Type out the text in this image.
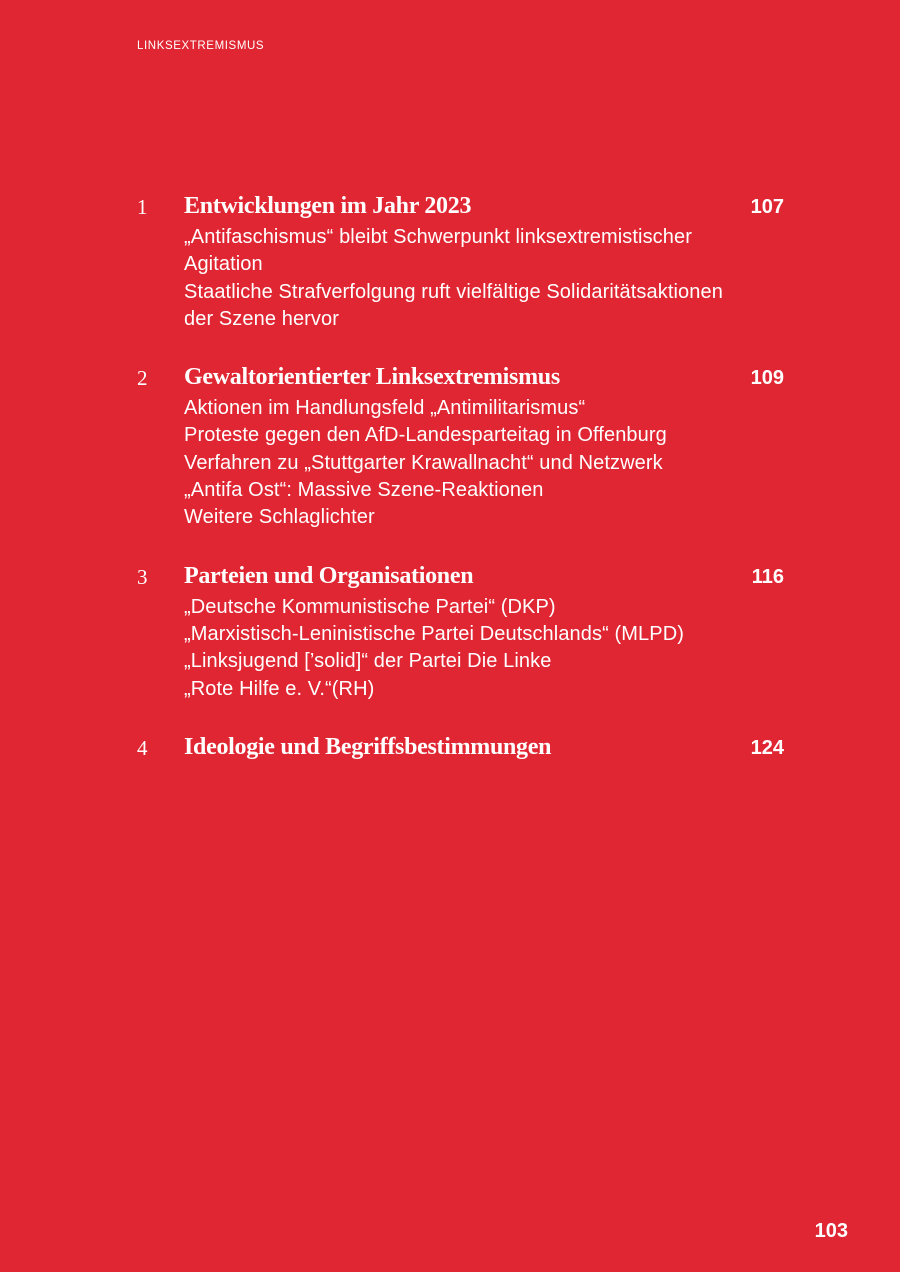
LINKSEXTREMISMUS
1 Entwicklungen im Jahr 2023	107
„Antifaschismus“ bleibt Schwerpunkt linksextremistischer
Agitation
Staatliche Strafverfolgung ruft vielfältige Solidaritätsaktionen
der Szene hervor
2 Gewaltorientierter Linksextremismus	109
Aktionen im Handlungsfeld „Antimilitarismus“
Proteste gegen den AfD-Landesparteitag in Offenburg
Verfahren zu „Stuttgarter Krawallnacht“ und Netzwerk
„Antifa Ost“: Massive Szene-Reaktionen
Weitere Schlaglichter
3 Parteien und Organisationen	116
„Deutsche Kommunistische Partei“ (DKP)
„Marxistisch-Leninistische Partei Deutschlands“ (MLPD)
„Linksjugend [’solid]“ der Partei Die Linke
„Rote Hilfe e. V.“(RH)
4 Ideologie und Begriffsbestimmungen	124
103
